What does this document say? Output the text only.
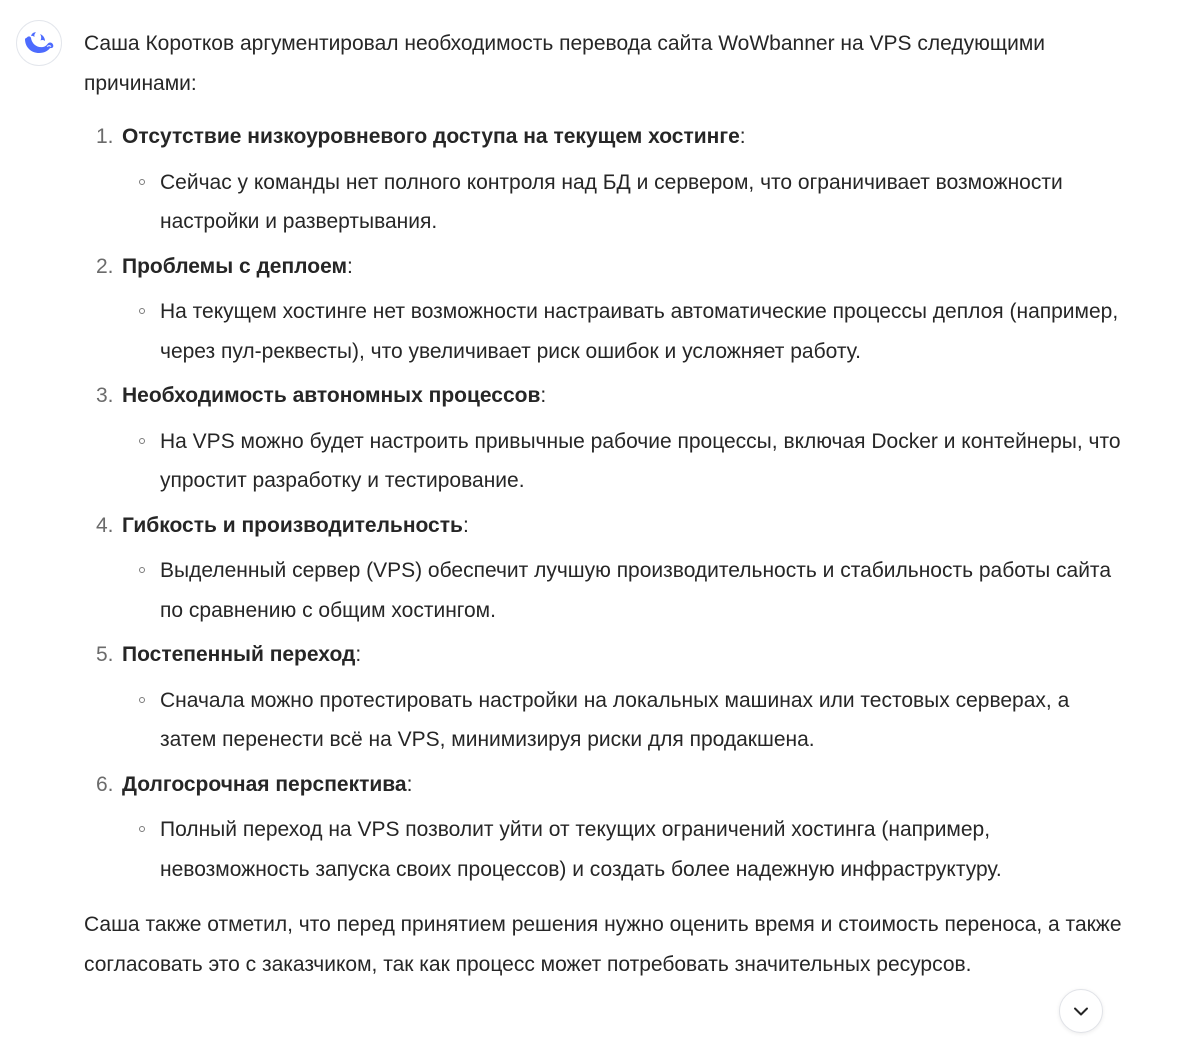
Саша Коротков аргументировал необходимость перевода сайта WoWbanner на VPS следующими причинами:

1. Отсутствие низкоуровневого доступа на текущем хостинге:
Сейчас у команды нет полного контроля над БД и сервером, что ограничивает возможности настройки и развертывания.
2. Проблемы с деплоем:
На текущем хостинге нет возможности настраивать автоматические процессы деплоя (например, через пул-реквесты), что увеличивает риск ошибок и усложняет работу.
3. Необходимость автономных процессов:
На VPS можно будет настроить привычные рабочие процессы, включая Docker и контейнеры, что упростит разработку и тестирование.
4. Гибкость и производительность:
Выделенный сервер (VPS) обеспечит лучшую производительность и стабильность работы сайта по сравнению с общим хостингом.
5. Постепенный переход:
Сначала можно протестировать настройки на локальных машинах или тестовых серверах, а затем перенести всё на VPS, минимизируя риски для продакшена.
6. Долгосрочная перспектива:
Полный переход на VPS позволит уйти от текущих ограничений хостинга (например, невозможность запуска своих процессов) и создать более надежную инфраструктуру.

Саша также отметил, что перед принятием решения нужно оценить время и стоимость переноса, а также согласовать это с заказчиком, так как процесс может потребовать значительных ресурсов.
